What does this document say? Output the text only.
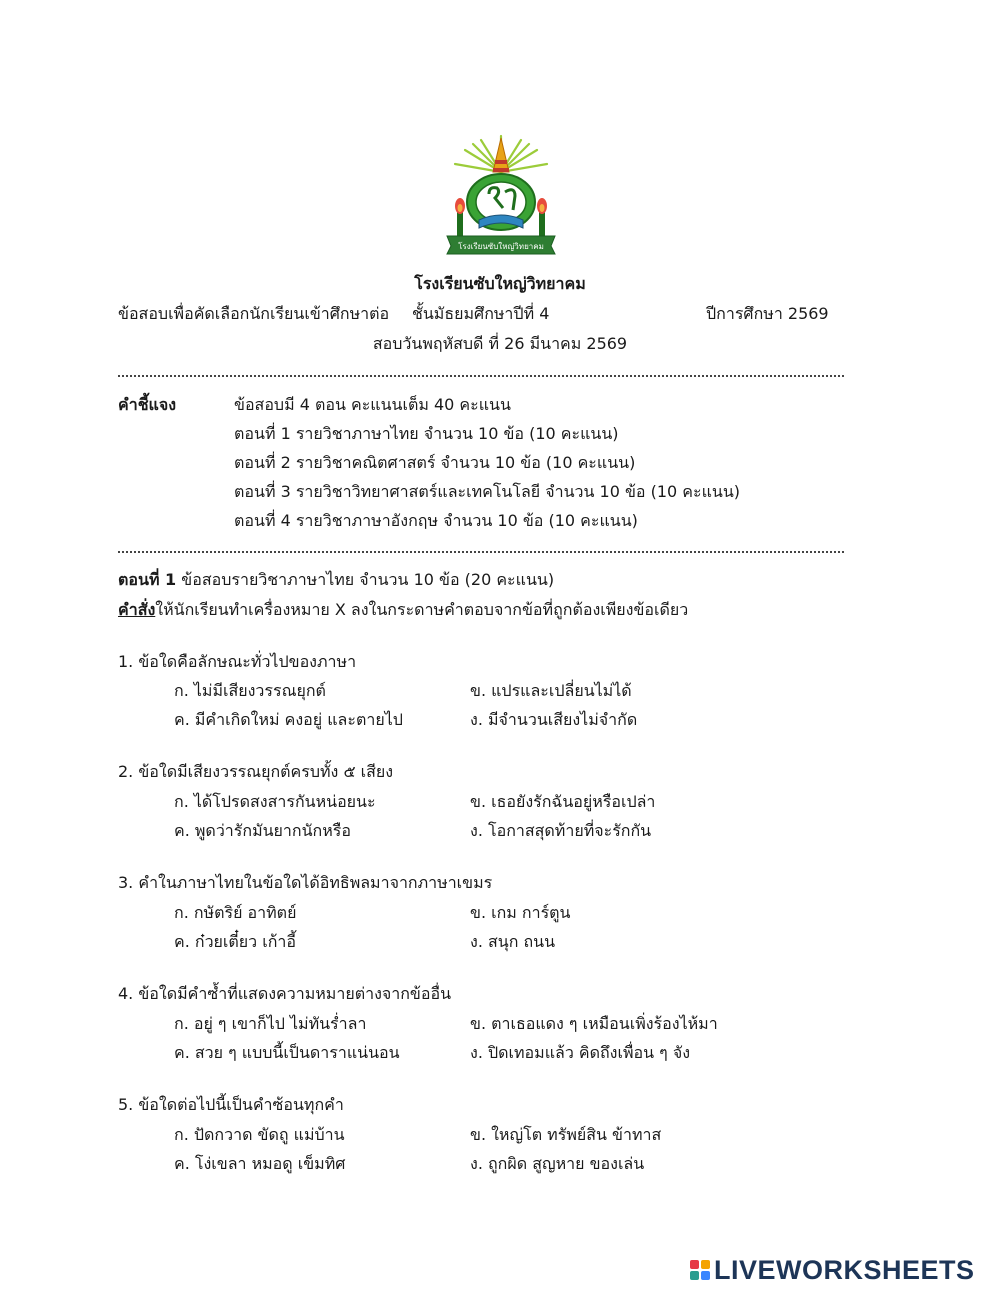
โรงเรียนซับใหญ่วิทยาคม
โรงเรียนซับใหญ่วิทยาคม
ข้อสอบเพื่อคัดเลือกนักเรียนเข้าศึกษาต่อ ชั้นมัธยมศึกษาปีที่ 4	ปีการศึกษา 2569
สอบวันพฤหัสบดี ที่ 26 มีนาคม 2569
คำชี้แจง	ข้อสอบมี 4 ตอน คะแนนเต็ม 40 คะแนน
ตอนที่ 1 รายวิชาภาษาไทย จำนวน 10 ข้อ (10 คะแนน)
ตอนที่ 2 รายวิชาคณิตศาสตร์ จำนวน 10 ข้อ (10 คะแนน)
ตอนที่ 3 รายวิชาวิทยาศาสตร์และเทคโนโลยี จำนวน 10 ข้อ (10 คะแนน)
ตอนที่ 4 รายวิชาภาษาอังกฤษ จำนวน 10 ข้อ (10 คะแนน)
ตอนที่ 1 ข้อสอบรายวิชาภาษาไทย จำนวน 10 ข้อ (20 คะแนน)
คำสั่งให้นักเรียนทำเครื่องหมาย X ลงในกระดาษคำตอบจากข้อที่ถูกต้องเพียงข้อเดียว
1. ข้อใดคือลักษณะทั่วไปของภาษา
ก. ไม่มีเสียงวรรณยุกต์	ข. แปรและเปลี่ยนไม่ได้
ค. มีคำเกิดใหม่ คงอยู่ และตายไป	ง. มีจำนวนเสียงไม่จำกัด
2. ข้อใดมีเสียงวรรณยุกต์ครบทั้ง ๕ เสียง
ก. ได้โปรดสงสารกันหน่อยนะ	ข. เธอยังรักฉันอยู่หรือเปล่า
ค. พูดว่ารักมันยากนักหรือ	ง. โอกาสสุดท้ายที่จะรักกัน
3. คำในภาษาไทยในข้อใดได้อิทธิพลมาจากภาษาเขมร
ก. กษัตริย์ อาทิตย์	ข. เกม การ์ตูน
ค. ก๋วยเตี๋ยว เก้าอี้	ง. สนุก ถนน
4. ข้อใดมีคำซ้ำที่แสดงความหมายต่างจากข้ออื่น
ก. อยู่ ๆ เขาก็ไป ไม่ทันร่ำลา	ข. ตาเธอแดง ๆ เหมือนเพิ่งร้องไห้มา
ค. สวย ๆ แบบนี้เป็นดาราแน่นอน	ง. ปิดเทอมแล้ว คิดถึงเพื่อน ๆ จัง
5. ข้อใดต่อไปนี้เป็นคำซ้อนทุกคำ
ก. ปัดกวาด ขัดถู แม่บ้าน	ข. ใหญ่โต ทรัพย์สิน ข้าทาส
ค. โง่เขลา หมอดู เข็มทิศ	ง. ถูกผิด สูญหาย ของเล่น
LIVEWORKSHEETS
